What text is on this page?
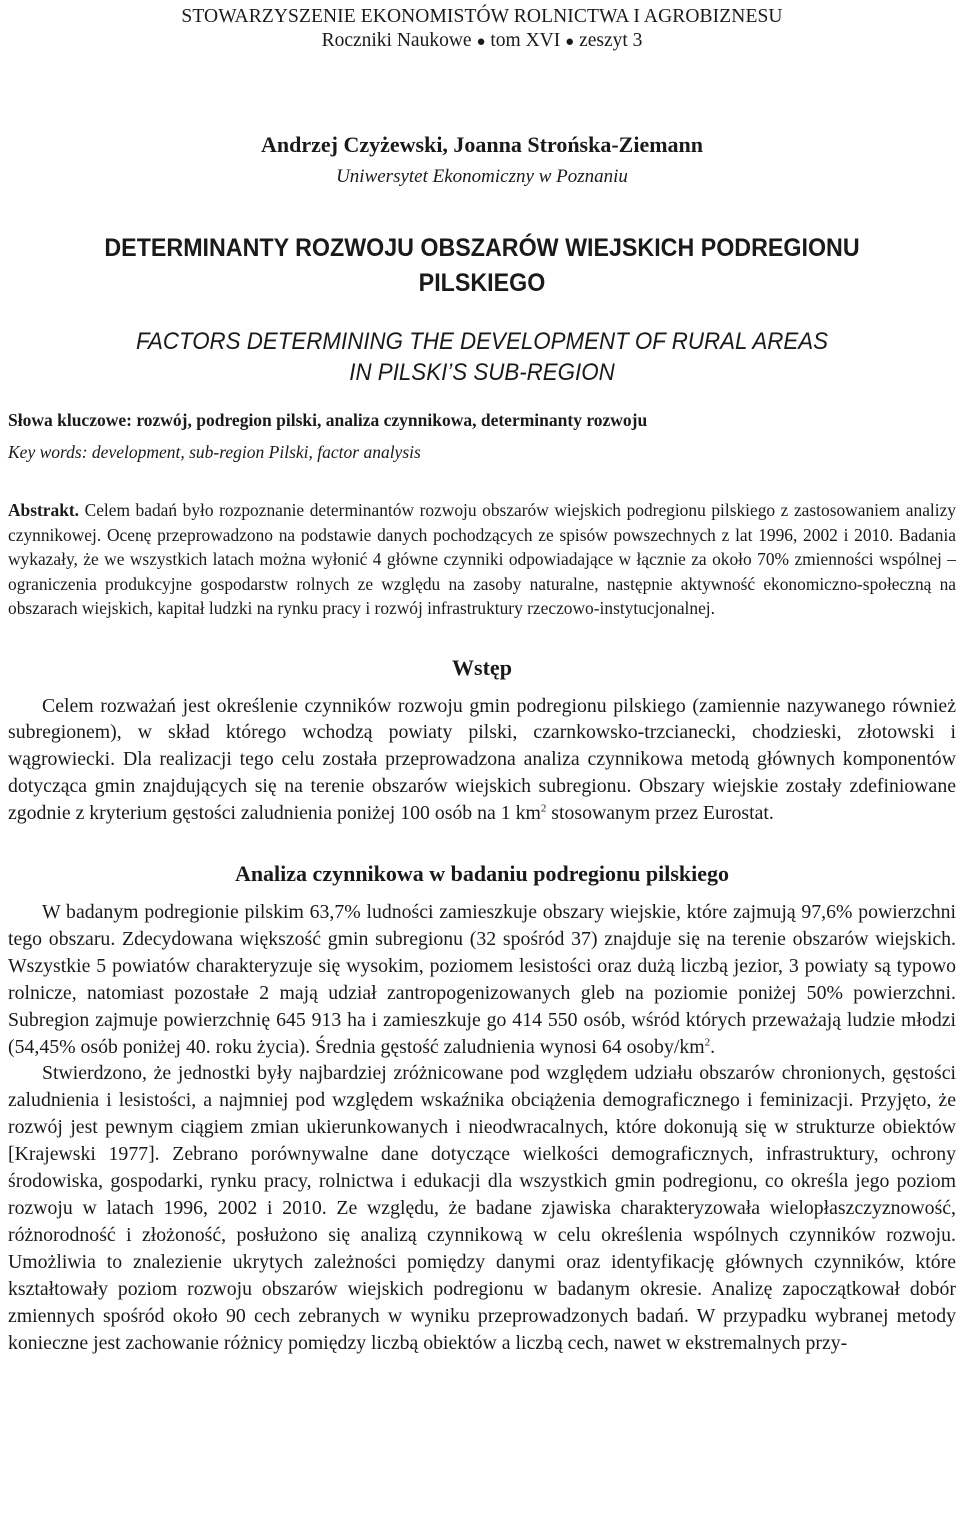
STOWARZYSZENIE EKONOMISTÓW ROLNICTWA I AGROBIZNESU
Roczniki Naukowe ● tom XVI ● zeszyt 3
Andrzej Czyżewski, Joanna Strońska-Ziemann
Uniwersytet Ekonomiczny w Poznaniu
DETERMINANTY ROZWOJU OBSZARÓW WIEJSKICH PODREGIONU
PILSKIEGO
FACTORS DETERMINING THE DEVELOPMENT OF RURAL AREAS
IN PILSKI’S SUB-REGION
Słowa kluczowe: rozwój, podregion pilski, analiza czynnikowa, determinanty rozwoju
Key words: development, sub-region Pilski, factor analysis
Abstrakt. Celem badań było rozpoznanie determinantów rozwoju obszarów wiejskich podregionu pilskiego z zastosowaniem analizy czynnikowej. Ocenę przeprowadzono na podstawie danych pochodzących ze spisów powszechnych z lat 1996, 2002 i 2010. Badania wykazały, że we wszystkich latach można wyłonić 4 główne czynniki odpowiadające w łącznie za około 70% zmienności wspólnej – ograniczenia produkcyjne gospodarstw rolnych ze względu na zasoby naturalne, następnie aktywność ekonomiczno-społeczną na obszarach wiejskich, kapitał ludzki na rynku pracy i rozwój infrastruktury rzeczowo-instytucjonalnej.
Wstęp

Celem rozważań jest określenie czynników rozwoju gmin podregionu pilskiego (zamiennie nazywanego również subregionem), w skład którego wchodzą powiaty pilski, czarnkowsko-trzcianecki, chodzieski, złotowski i wągrowiecki. Dla realizacji tego celu została przeprowadzona analiza czynnikowa metodą głównych komponentów dotycząca gmin znajdujących się na terenie obszarów wiejskich subregionu. Obszary wiejskie zostały zdefiniowane zgodnie z kryterium gęstości zaludnienia poniżej 100 osób na 1 $km^2$ stosowanym przez Eurostat.

Analiza czynnikowa w badaniu podregionu pilskiego

W badanym podregionie pilskim 63,7% ludności zamieszkuje obszary wiejskie, które zajmują 97,6% powierzchni tego obszaru. Zdecydowana większość gmin subregionu (32 spośród 37) znajduje się na terenie obszarów wiejskich. Wszystkie 5 powiatów charakteryzuje się wysokim, poziomem lesistości oraz dużą liczbą jezior, 3 powiaty są typowo rolnicze, natomiast pozostałe 2 mają udział zantropogenizowanych gleb na poziomie poniżej 50% powierzchni. Subregion zajmuje powierzchnię 645 913 ha i zamieszkuje go 414 550 osób, wśród których przeważają ludzie młodzi (54,45% osób poniżej 40. roku życia). Średnia gęstość zaludnienia wynosi 64 osoby/$km^2$.

Stwierdzono, że jednostki były najbardziej zróżnicowane pod względem udziału obszarów chronionych, gęstości zaludnienia i lesistości, a najmniej pod względem wskaźnika obciążenia demograficznego i feminizacji. Przyjęto, że rozwój jest pewnym ciągiem zmian ukierunkowanych i nieodwracalnych, które dokonują się w strukturze obiektów [Krajewski 1977]. Zebrano porównywalne dane dotyczące wielkości demograficznych, infrastruktury, ochrony środowiska, gospodarki, rynku pracy, rolnictwa i edukacji dla wszystkich gmin podregionu, co określa jego poziom rozwoju w latach 1996, 2002 i 2010. Ze względu, że badane zjawiska charakteryzowała wielopłaszczyznowość, różnorodność i złożoność, posłużono się analizą czynnikową w celu określenia wspólnych czynników rozwoju. Umożliwia to znalezienie ukrytych zależności pomiędzy danymi oraz identyfikację głównych czynników, które kształtowały poziom rozwoju obszarów wiejskich podregionu w badanym okresie. Analizę zapoczątkował dobór zmiennych spośród około 90 cech zebranych w wyniku przeprowadzonych badań. W przypadku wybranej metody konieczne jest zachowanie różnicy pomiędzy liczbą obiektów a liczbą cech, nawet w ekstremalnych przy-
